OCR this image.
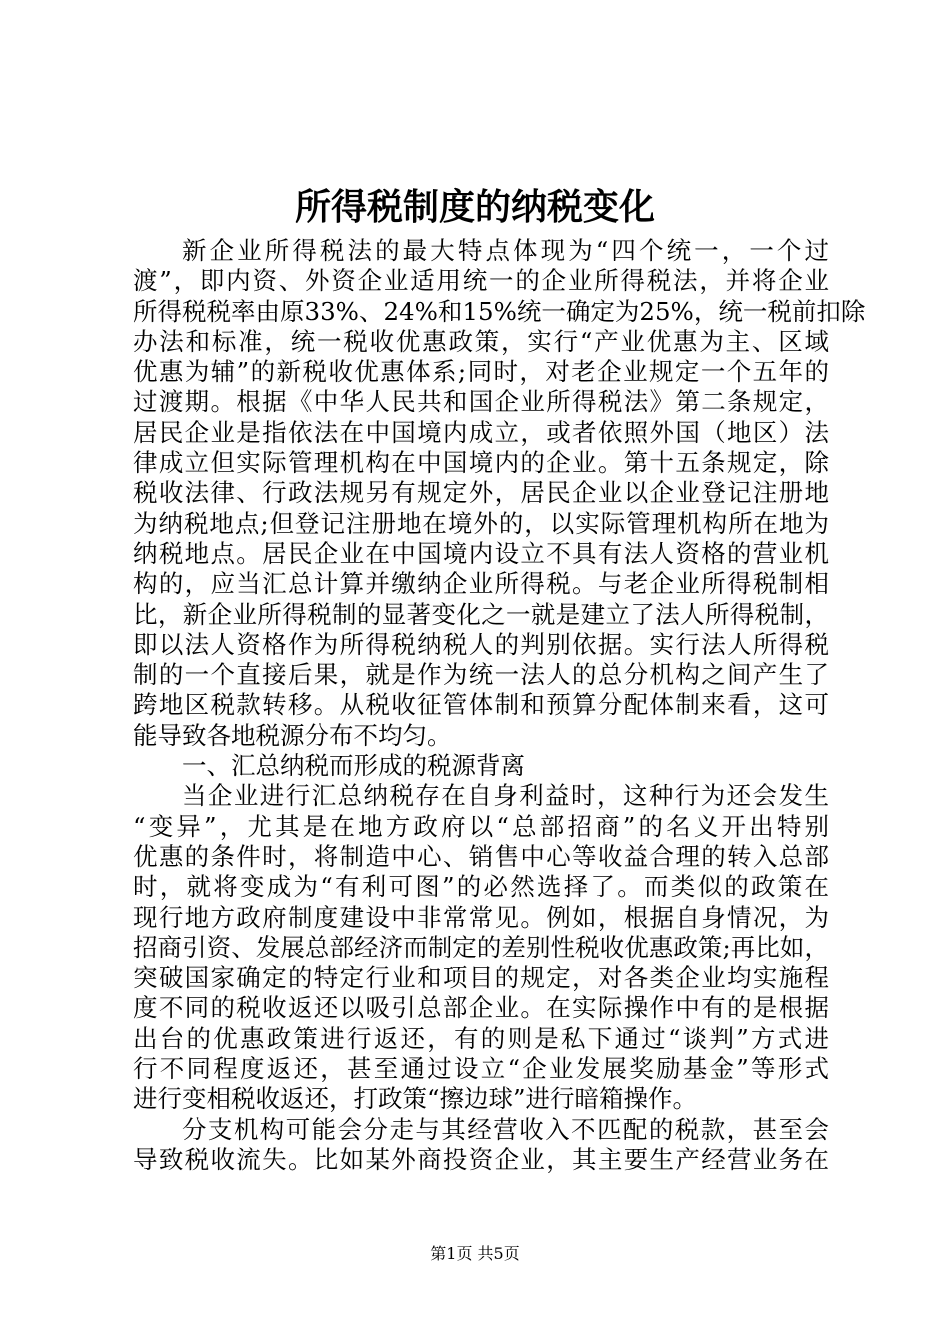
所得税制度的纳税变化
新企业所得税法的最大特点体现为“四个统一，一个过
渡”，即内资、外资企业适用统一的企业所得税法，并将企业
所得税税率由原33%、24%和15%统一确定为25%，统一税前扣除
办法和标准，统一税收优惠政策，实行“产业优惠为主、区域
优惠为辅”的新税收优惠体系;同时，对老企业规定一个五年的
过渡期。根据《中华人民共和国企业所得税法》第二条规定，
居民企业是指依法在中国境内成立，或者依照外国（地区）法
律成立但实际管理机构在中国境内的企业。第十五条规定，除
税收法律、行政法规另有规定外，居民企业以企业登记注册地
为纳税地点;但登记注册地在境外的，以实际管理机构所在地为
纳税地点。居民企业在中国境内设立不具有法人资格的营业机
构的，应当汇总计算并缴纳企业所得税。与老企业所得税制相
比，新企业所得税制的显著变化之一就是建立了法人所得税制，
即以法人资格作为所得税纳税人的判别依据。实行法人所得税
制的一个直接后果，就是作为统一法人的总分机构之间产生了
跨地区税款转移。从税收征管体制和预算分配体制来看，这可
能导致各地税源分布不均匀。
一、汇总纳税而形成的税源背离
当企业进行汇总纳税存在自身利益时，这种行为还会发生
“变异”，尤其是在地方政府以“总部招商”的名义开出特别
优惠的条件时，将制造中心、销售中心等收益合理的转入总部
时，就将变成为“有利可图”的必然选择了。而类似的政策在
现行地方政府制度建设中非常常见。例如，根据自身情况，为
招商引资、发展总部经济而制定的差别性税收优惠政策;再比如，
突破国家确定的特定行业和项目的规定，对各类企业均实施程
度不同的税收返还以吸引总部企业。在实际操作中有的是根据
出台的优惠政策进行返还，有的则是私下通过“谈判”方式进
行不同程度返还，甚至通过设立“企业发展奖励基金”等形式
进行变相税收返还，打政策“擦边球”进行暗箱操作。
分支机构可能会分走与其经营收入不匹配的税款，甚至会
导致税收流失。比如某外商投资企业，其主要生产经营业务在
第1页 共5页
